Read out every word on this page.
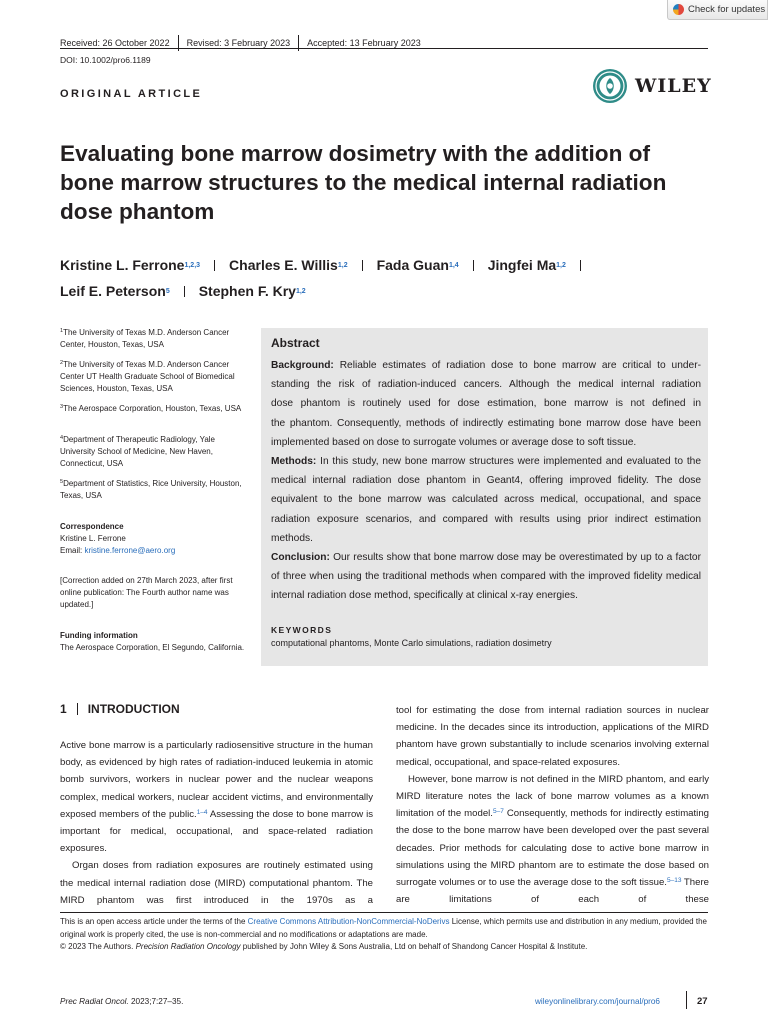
Check for updates
Received: 26 October 2022 Revised: 3 February 2023 Accepted: 13 February 2023
DOI: 10.1002/pro6.1189
ORIGINAL ARTICLE	WILEY
Evaluating bone marrow dosimetry with the addition of bone marrow structures to the medical internal radiation dose phantom
Kristine L. Ferrone$^{1,2,3}$ Charles E. Willis$^{1,2}$ Fada Guan$^{1,4}$ Jingfei Ma$^{1,2}$
Leif E. Peterson$^5$ Stephen F. Kry$^{1,2}$
$^1$The University of Texas M.D. Anderson Cancer Center, Houston, Texas, USA
$^2$The University of Texas M.D. Anderson Cancer Center UT Health Graduate School of Biomedical Sciences, Houston, Texas, USA
$^3$The Aerospace Corporation, Houston, Texas, USA
$^4$Department of Therapeutic Radiology, Yale University School of Medicine, New Haven, Connecticut, USA
$^5$Department of Statistics, Rice University, Houston, Texas, USA
Correspondence
Kristine L. Ferrone
Email: kristine.ferrone@aero.org
[Correction added on 27th March 2023, after first online publication: The Fourth author name was updated.]
Funding information
The Aerospace Corporation, El Segundo, California.
Abstract

Background: Reliable estimates of radiation dose to bone marrow are critical to under-

standing the risk of radiation-induced cancers. Although the medical internal radiation

dose phantom is routinely used for dose estimation, bone marrow is not defined in

the phantom. Consequently, methods of indirectly estimating bone marrow dose have been implemented based on dose to surrogate volumes or average dose to soft tissue.

Methods: In this study, new bone marrow structures were implemented and evaluated to the medical internal radiation dose phantom in Geant4, offering improved fidelity. The dose equivalent to the bone marrow was calculated across medical, occupational, and space radiation exposure scenarios, and compared with results using prior indirect estimation methods.

Conclusion: Our results show that bone marrow dose may be overestimated by up to a factor of three when using the traditional methods when compared with the improved fidelity medical internal radiation dose method, specifically at clinical x-ray energies.

KEYWORDS
computational phantoms, Monte Carlo simulations, radiation dosimetry
1 INTRODUCTION

Active bone marrow is a particularly radiosensitive structure in the human body, as evidenced by high rates of radiation-induced leukemia in atomic bomb survivors, workers in nuclear power and the nuclear weapons complex, medical workers, nuclear accident victims, and environmentally exposed members of the public.$^{1-4}$ Assessing the dose to bone marrow is important for medical, occupational, and space-related radiation exposures.

Organ doses from radiation exposures are routinely estimated using the medical internal radiation dose (MIRD) computational phantom. The MIRD phantom was first introduced in the 1970s as a

tool for estimating the dose from internal radiation sources in nuclear medicine. In the decades since its introduction, applications of the MIRD phantom have grown substantially to include scenarios involving external medical, occupational, and space-related exposures.

However, bone marrow is not defined in the MIRD phantom, and early MIRD literature notes the lack of bone marrow volumes as a known limitation of the model.$^{5-7}$ Consequently, methods for indirectly estimating the dose to the bone marrow have been developed over the past several decades. Prior methods for calculating dose to active bone marrow in simulations using the MIRD phantom are to estimate the dose based on surrogate volumes or to use the average dose to the soft tissue.$^{5-13}$ There are limitations of each of these

This is an open access article under the terms of the Creative Commons Attribution-NonCommercial-NoDerivs License, which permits use and distribution in any medium, provided the original work is properly cited, the use is non-commercial and no modifications or adaptations are made.
© 2023 The Authors. Precision Radiation Oncology published by John Wiley & Sons Australia, Ltd on behalf of Shandong Cancer Hospital & Institute.
Prec Radiat Oncol. 2023;7:27–35.	wileyonlinelibrary.com/journal/pro6	27
